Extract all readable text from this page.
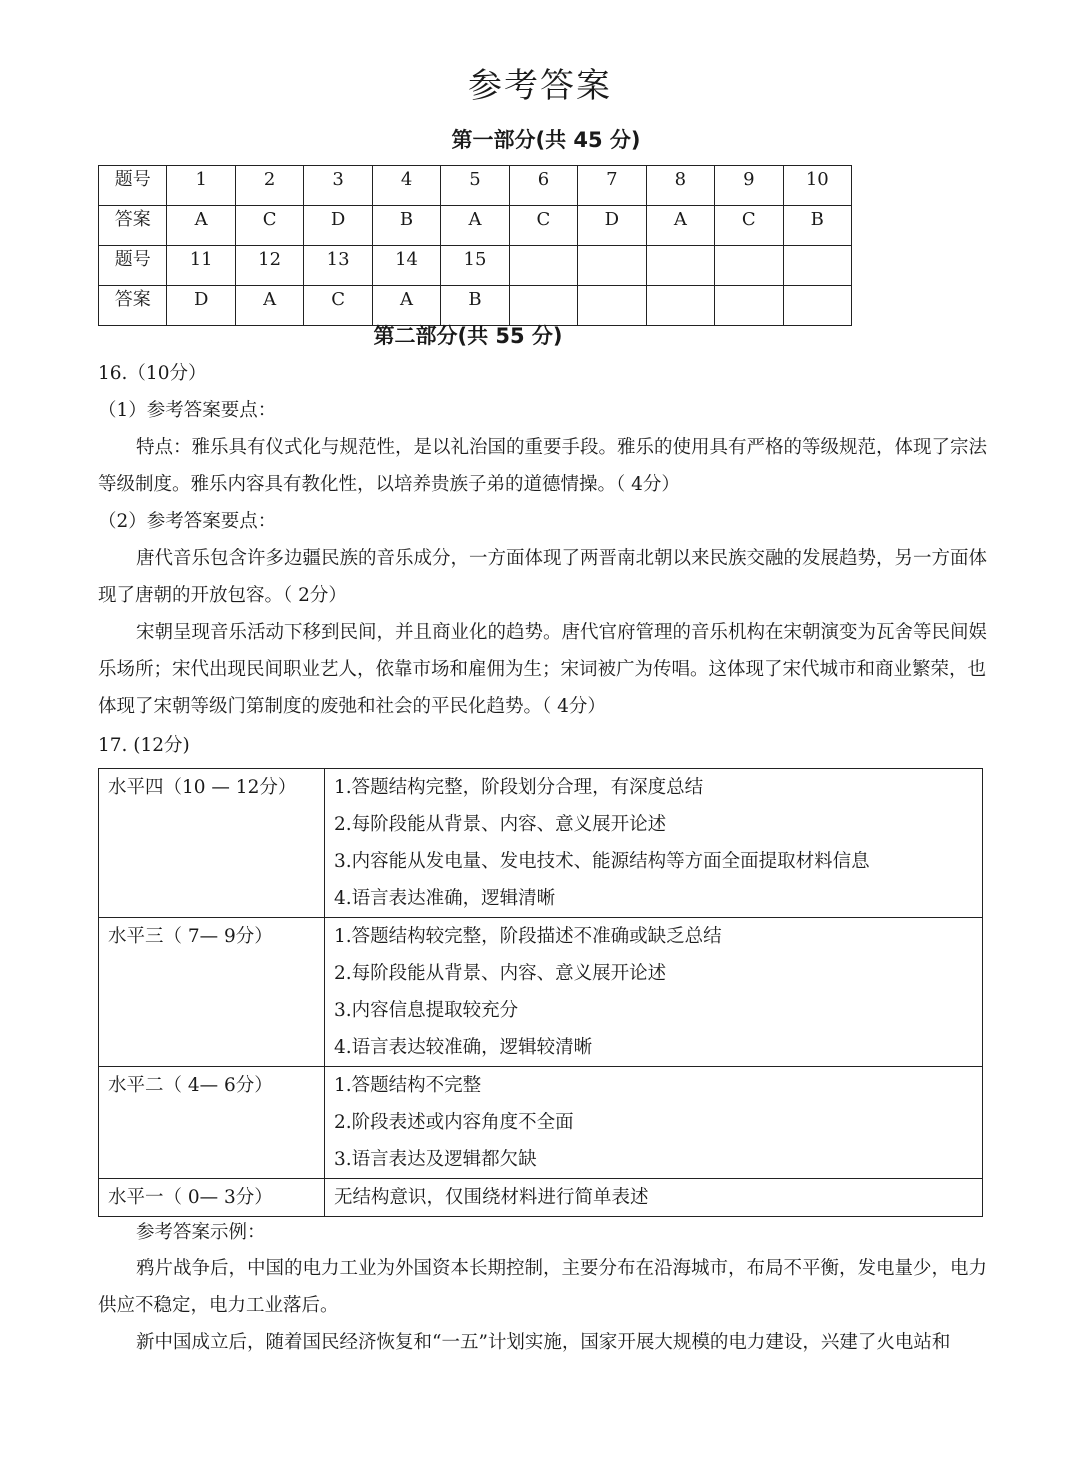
参考答案
第一部分(共 45 分)
题号	1	2	3	4	5	6	7	8	9	10
答案	A	C	D	B	A	C	D	A	C	B
题号	11	12	13	14	15					
答案	D	A	C	A	B					
第二部分(共 55 分)

16.（10分）

（1）参考答案要点：

特点：雅乐具有仪式化与规范性，是以礼治国的重要手段。雅乐的使用具有严格的等级规范，体现了宗法等级制度。雅乐内容具有教化性，以培养贵族子弟的道德情操。（ 4分）

（2）参考答案要点：

唐代音乐包含许多边疆民族的音乐成分，一方面体现了两晋南北朝以来民族交融的发展趋势，另一方面体现了唐朝的开放包容。（ 2分）

宋朝呈现音乐活动下移到民间，并且商业化的趋势。唐代官府管理的音乐机构在宋朝演变为瓦舍等民间娱乐场所；宋代出现民间职业艺人，依靠市场和雇佣为生；宋词被广为传唱。这体现了宋代城市和商业繁荣，也体现了宋朝等级门第制度的废弛和社会的平民化趋势。（ 4分）

17. (12分)

水平四（10 — 12分）	1.答题结构完整，阶段划分合理，有深度总结
2.每阶段能从背景、内容、意义展开论述
3.内容能从发电量、发电技术、能源结构等方面全面提取材料信息
4.语言表达准确，逻辑清晰

水平三（ 7— 9分）	1.答题结构较完整，阶段描述不准确或缺乏总结
2.每阶段能从背景、内容、意义展开论述
3.内容信息提取较充分
4.语言表达较准确，逻辑较清晰

水平二（ 4— 6分）	1.答题结构不完整
2.阶段表述或内容角度不全面
3.语言表达及逻辑都欠缺

水平一（ 0— 3分）	无结构意识，仅围绕材料进行简单表述

参考答案示例：

鸦片战争后，中国的电力工业为外国资本长期控制，主要分布在沿海城市，布局不平衡，发电量少，电力供应不稳定，电力工业落后。

新中国成立后，随着国民经济恢复和“一五”计划实施，国家开展大规模的电力建设，兴建了火电站和
